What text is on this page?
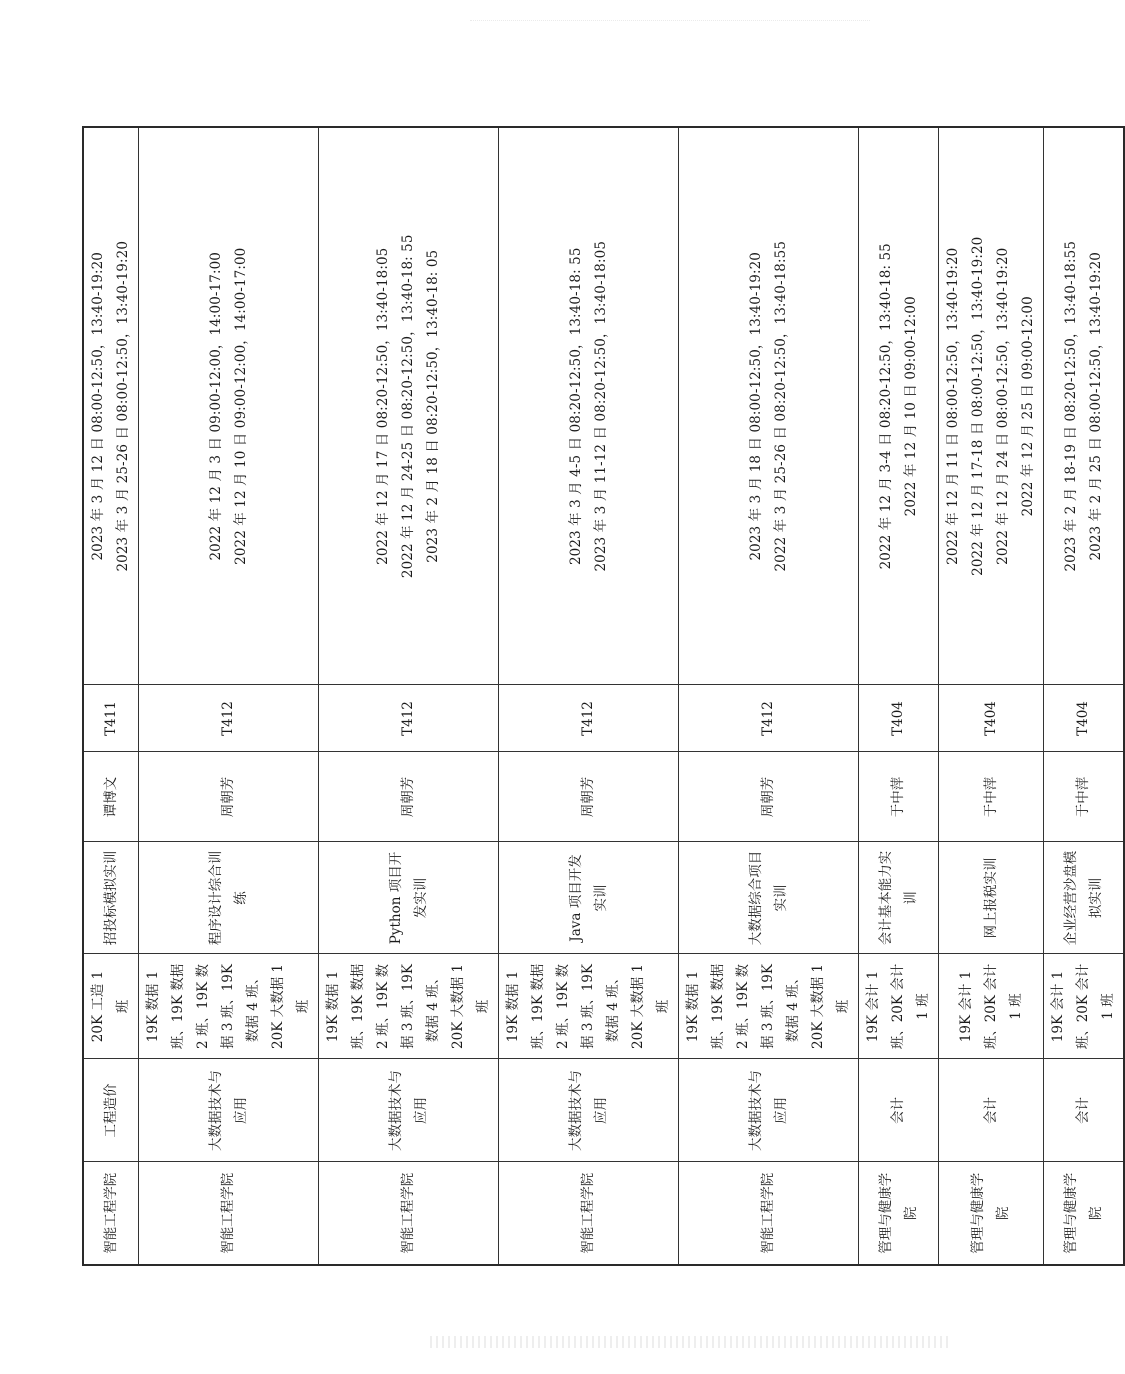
智能工程学院	工程造价	20K 工造 1 班	招投标模拟实训	谭博文	T411	2023 年 3 月 12 日 08:00-12:50，13:40-19:20 2023 年 3 月 25-26 日 08:00-12:50，13:40-19:20

智能工程学院	大数据技术与应用	19K 数据 1 班、19K 数据 2 班、19K 数据 3 班、19K 数据 4 班、20K 大数据 1 班	程序设计综合训练	周朝芳	T412	2022 年 12 月 3 日 09:00-12:00，14:00-17:00 2022 年 12 月 10 日 09:00-12:00，14:00-17:00

智能工程学院	大数据技术与应用	19K 数据 1 班、19K 数据 2 班、19K 数据 3 班、19K 数据 4 班、20K 大数据 1 班	Python 项目开发实训	周朝芳	T412	2022 年 12 月 17 日 08:20-12:50，13:40-18:05 2022 年 12 月 24-25 日 08:20-12:50，13:40-18: 55 2023 年 2 月 18 日 08:20-12:50，13:40-18: 05

智能工程学院	大数据技术与应用	19K 数据 1 班、19K 数据 2 班、19K 数据 3 班、19K 数据 4 班、20K 大数据 1 班	Java 项目开发实训	周朝芳	T412	2023 年 3 月 4-5 日 08:20-12:50，13:40-18: 55 2023 年 3 月 11-12 日 08:20-12:50，13:40-18:05

智能工程学院	大数据技术与应用	19K 数据 1 班、19K 数据 2 班、19K 数据 3 班、19K 数据 4 班、20K 大数据 1 班	大数据综合项目实训	周朝芳	T412	2023 年 3 月 18 日 08:00-12:50，13:40-19:20 2022 年 3 月 25-26 日 08:20-12:50，13:40-18:55

管理与健康学院	会计	19K 会计 1 班、20K 会计 1 班	会计基本能力实训	于中萍	T404	2022 年 12 月 3-4 日 08:20-12:50，13:40-18: 55 2022 年 12 月 10 日 09:00-12:00

管理与健康学院	会计	19K 会计 1 班、20K 会计 1 班	网上报税实训	于中萍	T404	2022 年 12 月 11 日 08:00-12:50，13:40-19:20 2022 年 12 月 17-18 日 08:00-12:50，13:40-19:20 2022 年 12 月 24 日 08:00-12:50，13:40-19:20 2022 年 12 月 25 日 09:00-12:00

管理与健康学院	会计	19K 会计 1 班、20K 会计 1 班	企业经营沙盘模拟实训	于中萍	T404	2023 年 2 月 18-19 日 08:20-12:50，13:40-18:55 2023 年 2 月 25 日 08:00-12:50，13:40-19:20
